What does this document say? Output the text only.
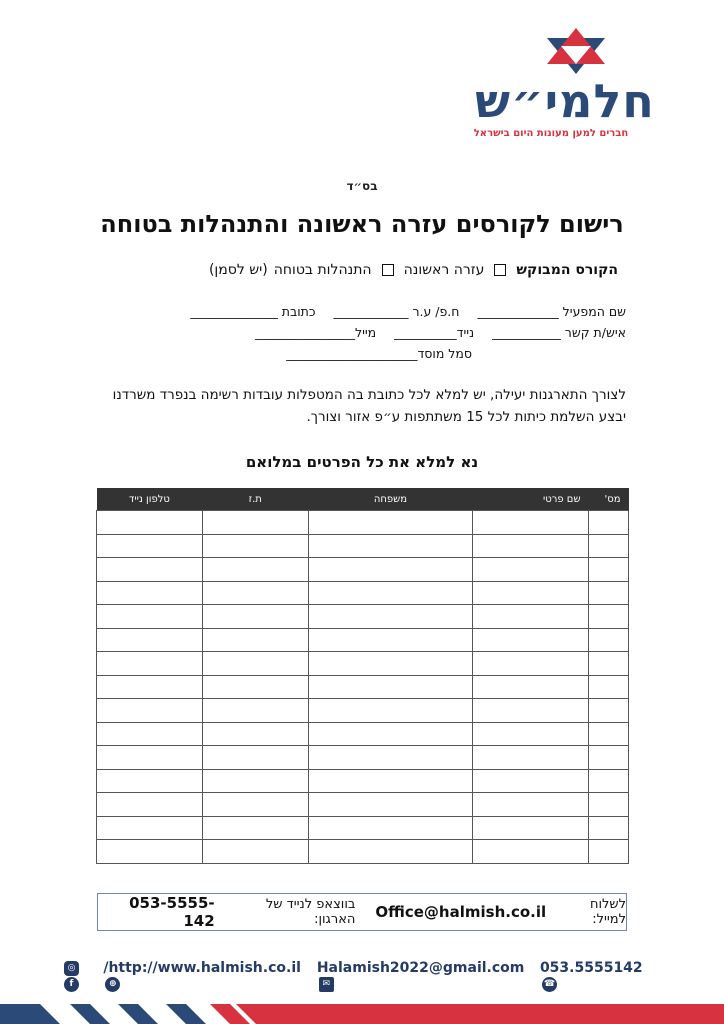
חלמי״ש
חברים למען מעונות היום בישראל
בס״ד
רישום לקורסים עזרה ראשונה והתנהלות בטוחה
הקורס המבוקש
עזרה ראשונה
התנהלות בטוחה
(יש לסמן)
שם המפעיל _____________
ח.פ/ ע.ר ____________
כתובת ______________
איש/ת קשר ___________
נייד__________
מייל________________
סמל מוסד_____________________

לצורך התארגנות יעילה, יש למלא לכל כתובת בה המטפלות עובדות רשימה בנפרד משרדנו

יבצע השלמת כיתות לכל 15 משתתפות ע״פ אזור וצורך.

נא למלא את כל הפרטים במלואם
מס'	שם פרטי	משפחה	ת.ז	טלפון נייד

לשלוח למייל:
Office@halmish.co.il
בווצאפ לנייד של הארגון:
053-5555-142
◎ f
/http://www.halmish.co.il ⊕
Halamish2022@gmail.com ✉
053.5555142 ☎
